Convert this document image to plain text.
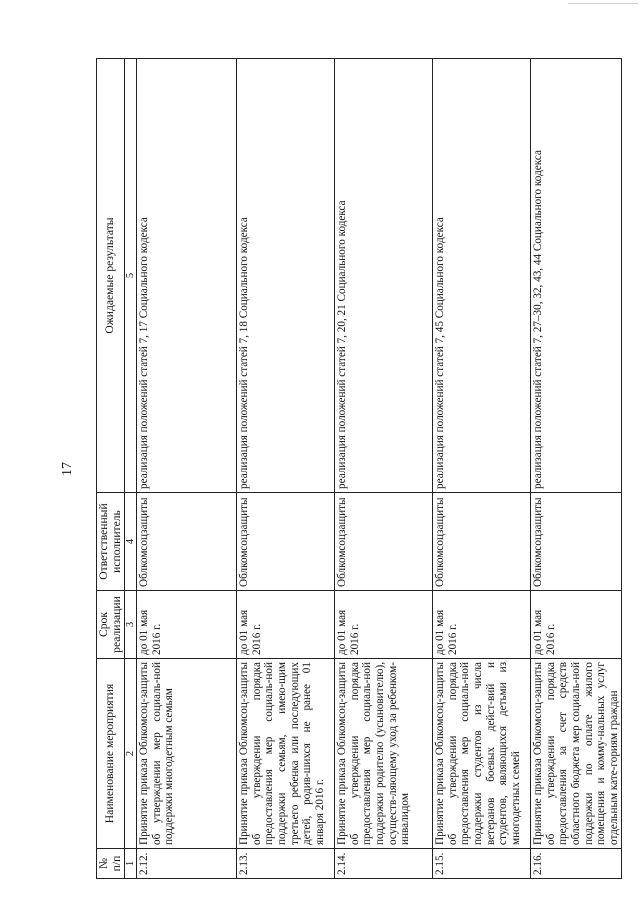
17
№
п/п	Наименование мероприятия	Срок реализации	Ответственный исполнитель	Ожидаемые результаты
1	2	3	4	5
2.12.	Принятие приказа Облкомсоц-защиты об утверждении мер социаль-ной поддержки многодетным семьям	до 01 мая 2016 г.	Облкомсоцзащиты	реализация положений статей 7, 17 Социального кодекса
2.13.	Принятие приказа Облкомсоц-защиты об утверждении порядка предоставления мер социаль-ной поддержки семьям, имею-щим третьего ребенка или последующих детей, родив-шихся не ранее 01 января 2016 г.	до 01 мая 2016 г.	Облкомсоцзащиты	реализация положений статей 7, 18 Социального кодекса
2.14.	Принятие приказа Облкомсоц-защиты об утверждении порядка предоставления мер социаль-ной поддержки родителю (усыновителю), осуществ-ляющему уход за ребенком-инвалидом	до 01 мая 2016 г.	Облкомсоцзащиты	реализация положений статей 7, 20, 21 Социального кодекса
2.15.	Принятие приказа Облкомсоц-защиты об утверждении порядка предоставления мер социаль-ной поддержки студентов из числа ветеранов боевых дейст-вий и студентов, являющихся детьми из многодетных семей	до 01 мая 2016 г.	Облкомсоцзащиты	реализация положений статей 7, 45 Социального кодекса
2.16.	Принятие приказа Облкомсоц-защиты об утверждении порядка предоставления за счет средств областного бюджета мер социаль-ной поддержки по оплате жилого помещения и комму-нальных услуг отдельным кате-гориям граждан	до 01 мая 2016 г.	Облкомсоцзащиты	реализация положений статей 7, 27–30, 32, 43, 44 Социального кодекса
